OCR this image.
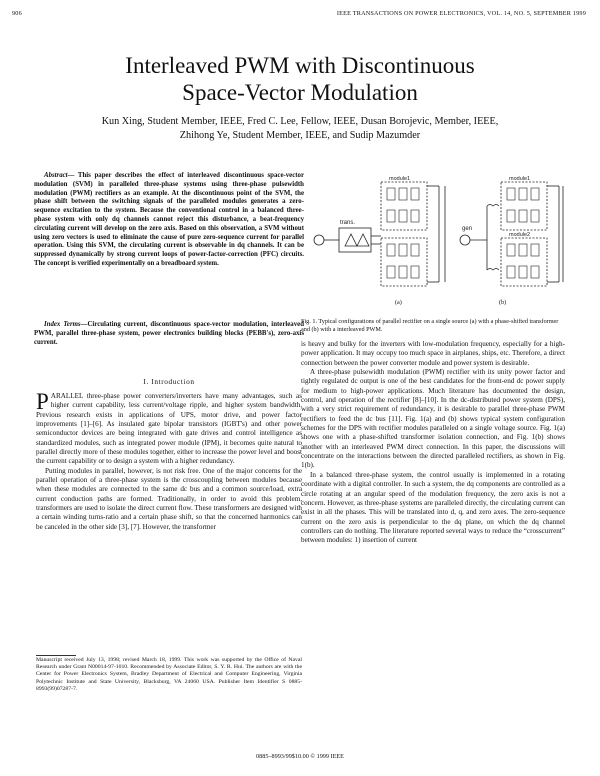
906	IEEE TRANSACTIONS ON POWER ELECTRONICS, VOL. 14, NO. 5, SEPTEMBER 1999
Interleaved PWM with Discontinuous
Space-Vector Modulation
Kun Xing, Student Member, IEEE, Fred C. Lee, Fellow, IEEE, Dusan Borojevic, Member, IEEE,
Zhihong Ye, Student Member, IEEE, and Sudip Mazumder
Abstract— This paper describes the effect of interleaved discontinuous space-vector modulation (SVM) in paralleled three-phase systems using three-phase pulsewidth modulation (PWM) rectifiers as an example. At the discontinuous point of the SVM, the phase shift between the switching signals of the paralleled modules generates a zero-sequence excitation to the system. Because the conventional control in a balanced three-phase system with only dq channels cannot reject this disturbance, a beat-frequency circulating current will develop on the zero axis. Based on this observation, a SVM without using zero vectors is used to eliminate the cause of pure zero-sequence current for parallel operation. Using this SVM, the circulating current is observable in dq channels. It can be suppressed dynamically by strong current loops of power-factor-correction (PFC) circuits. The concept is verified experimentally on a breadboard system.
Index Terms—Circulating current, discontinuous space-vector modulation, interleaved PWM, parallel three-phase system, power electronics building blocks (PEBB's), zero-axis current.
I. Introduction

PARALLEL three-phase power converters/inverters have many advantages, such as higher current capability, less current/voltage ripple, and higher system bandwidth. Previous research exists in applications of UPS, motor drive, and power factor improvements [1]–[6]. As insulated gate bipolar transistors (IGBT's) and other power semiconductor devices are being integrated with gate drives and control intelligence as standardized modules, such as integrated power module (IPM), it becomes quite natural to parallel directly more of these modules together, either to increase the power level and boost the current capability or to design a system with a higher redundancy.

Putting modules in parallel, however, is not risk free. One of the major concerns for the parallel operation of a three-phase system is the crosscoupling between modules because when these modules are connected to the same dc bus and a common source/load, extra current conduction paths are formed. Traditionally, in order to avoid this problem, transformers are used to isolate the direct current flow. These transformers are designed with a certain winding turns-ratio and a certain phase shift, so that the concerned harmonics can be canceled in the other side [3], [7]. However, the transformer

Manuscript received July 13, 1998; revised March 18, 1999. This work was supported by the Office of Naval Research under Grant N00014-97-1010. Recommended by Associate Editor, S. Y. R. Hui. The authors are with the Center for Power Electronics System, Bradley Department of Electrical and Computer Engineering, Virginia Polytechnic Institute and State University, Blacksburg, VA 24060 USA. Publisher Item Identifier S 0885-8993(99)07287-7.
trans.
gen
module1	module1
module2
(a)	(b)
Fig. 1. Typical configurations of parallel rectifier on a single source (a) with a phase-shifted transformer and (b) with a interleaved PWM.

is heavy and bulky for the inverters with low-modulation frequency, especially for a high-power application. It may occupy too much space in airplanes, ships, etc. Therefore, a direct connection between the power converter module and power system is desirable.

A three-phase pulsewidth modulation (PWM) rectifier with its unity power factor and tightly regulated dc output is one of the best candidates for the front-end dc power supply for medium to high-power applications. Much literature has documented the design, control, and operation of the rectifier [8]–[10]. In the dc-distributed power system (DPS), with a very strict requirement of redundancy, it is desirable to parallel three-phase PWM rectifiers to feed the dc bus [11]. Fig. 1(a) and (b) shows typical system configuration schemes for the DPS with rectifier modules paralleled on a single voltage source. Fig. 1(a) shows one with a phase-shifted transformer isolation connection, and Fig. 1(b) shows another with an interleaved PWM direct connection. In this paper, the discussions will concentrate on the interactions between the directed paralleled rectifiers, as shown in Fig. 1(b).

In a balanced three-phase system, the control usually is implemented in a rotating coordinate with a digital controller. In such a system, the dq components are controlled as a circle rotating at an angular speed of the modulation frequency, the zero axis is not a concern. However, as three-phase systems are paralleled directly, the circulating current can exist in all the phases. This will be translated into d, q, and zero axes. The zero-sequence current on the zero axis is perpendicular to the dq plane, on which the dq channel controllers can do nothing. The literature reported several ways to reduce the “crosscurrent” between modules: 1) insertion of current

0885–8993/99$10.00 © 1999 IEEE
